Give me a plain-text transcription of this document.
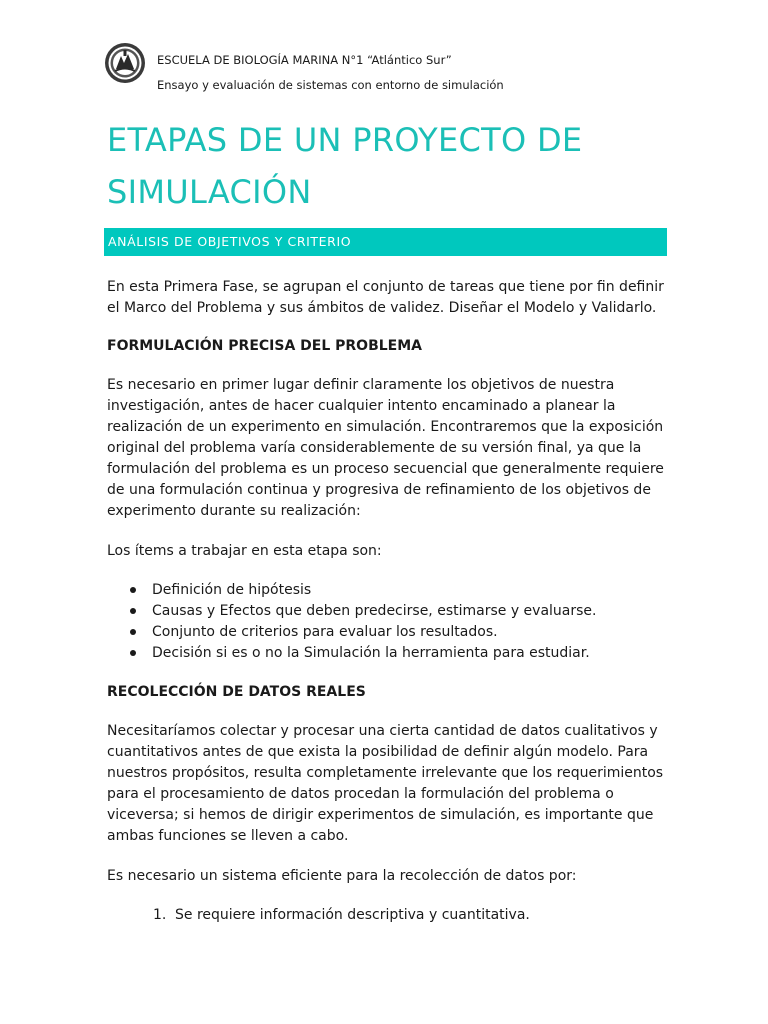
ESCUELA DE BIOLOGÍA MARINA N°1 “Atlántico Sur”
Ensayo y evaluación de sistemas con entorno de simulación
ETAPAS DE UN PROYECTO DE
SIMULACIÓN
ANÁLISIS DE OBJETIVOS Y CRITERIO

En esta Primera Fase, se agrupan el conjunto de tareas que tiene por fin definir el Marco del Problema y sus ámbitos de validez. Diseñar el Modelo y Validarlo.

FORMULACIÓN PRECISA DEL PROBLEMA

Es necesario en primer lugar definir claramente los objetivos de nuestra investigación, antes de hacer cualquier intento encaminado a planear la realización de un experimento en simulación. Encontraremos que la exposición original del problema varía considerablemente de su versión final, ya que la formulación del problema es un proceso secuencial que generalmente requiere de una formulación continua y progresiva de refinamiento de los objetivos de experimento durante su realización:

Los ítems a trabajar en esta etapa son:

Definición de hipótesis
Causas y Efectos que deben predecirse, estimarse y evaluarse.
Conjunto de criterios para evaluar los resultados.
Decisión si es o no la Simulación la herramienta para estudiar.
RECOLECCIÓN DE DATOS REALES

Necesitaríamos colectar y procesar una cierta cantidad de datos cualitativos y cuantitativos antes de que exista la posibilidad de definir algún modelo. Para nuestros propósitos, resulta completamente irrelevante que los requerimientos para el procesamiento de datos procedan la formulación del problema o viceversa; si hemos de dirigir experimentos de simulación, es importante que ambas funciones se lleven a cabo.

Es necesario un sistema eficiente para la recolección de datos por:

1. Se requiere información descriptiva y cuantitativa.
